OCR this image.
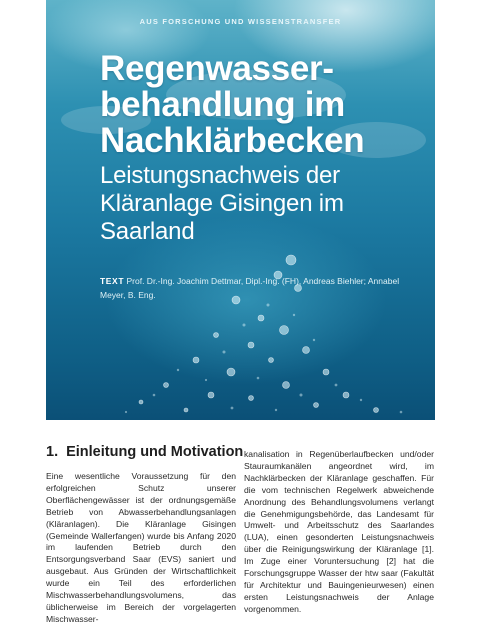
AUS FORSCHUNG UND WISSENSTRANSFER
Regenwasser-behandlung im Nachklärbecken
Leistungsnachweis der Kläranlage Gisingen im Saarland
TEXT Prof. Dr.-Ing. Joachim Dettmar, Dipl.-Ing. (FH), Andreas Biehler; Annabel Meyer, B. Eng.
1. Einleitung und Motivation

Eine wesentliche Voraussetzung für den erfolgreichen Schutz unserer Oberflächengewässer ist der ordnungsgemäße Betrieb von Abwasserbehandlungsanlagen (Kläranlagen). Die Kläranlage Gisingen (Gemeinde Wallerfangen) wurde bis Anfang 2020 im laufenden Betrieb durch den Entsorgungsverband Saar (EVS) saniert und ausgebaut. Aus Gründen der Wirtschaftlichkeit wurde ein Teil des erforderlichen Mischwasserbehandlungsvolumens, das üblicherweise im Bereich der vorgelagerten Mischwasser-

kanalisation in Regenüberlaufbecken und/oder Stauraumkanälen angeordnet wird, im Nachklärbecken der Kläranlage geschaffen. Für die vom technischen Regelwerk abweichende Anordnung des Behandlungsvolumens verlangt die Genehmigungsbehörde, das Landesamt für Umwelt- und Arbeitsschutz des Saarlandes (LUA), einen gesonderten Leistungsnachweis über die Reinigungswirkung der Kläranlage [1]. Im Zuge einer Voruntersuchung [2] hat die Forschungsgruppe Wasser der htw saar (Fakultät für Architektur und Bauingenieurwesen) einen ersten Leistungsnachweis der Anlage vorgenommen.
